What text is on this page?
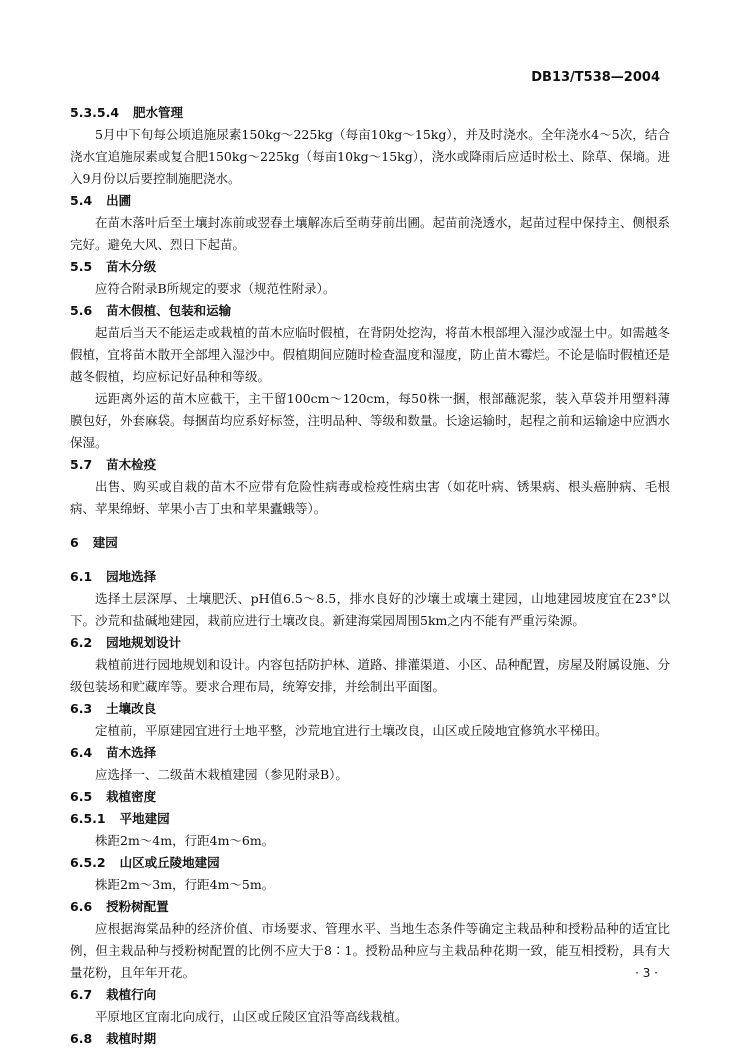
DB13/T538—2004
5.3.5.4 肥水管理

5月中下旬每公顷追施尿素150kg～225kg（每亩10kg～15kg），并及时浇水。全年浇水4～5次，结合浇水宜追施尿素或复合肥150kg～225kg（每亩10kg～15kg），浇水或降雨后应适时松土、除草、保墒。进入9月份以后要控制施肥浇水。

5.4 出圃

在苗木落叶后至土壤封冻前或翌春土壤解冻后至萌芽前出圃。起苗前浇透水，起苗过程中保持主、侧根系完好。避免大风、烈日下起苗。

5.5 苗木分级

应符合附录B所规定的要求（规范性附录）。

5.6 苗木假植、包装和运输

起苗后当天不能运走或栽植的苗木应临时假植，在背阴处挖沟，将苗木根部埋入湿沙或湿土中。如需越冬假植，宜将苗木散开全部埋入湿沙中。假植期间应随时检查温度和湿度，防止苗木霉烂。不论是临时假植还是越冬假植，均应标记好品种和等级。

远距离外运的苗木应截干，主干留100cm～120cm，每50株一捆，根部蘸泥浆，装入草袋并用塑料薄膜包好，外套麻袋。每捆苗均应系好标签，注明品种、等级和数量。长途运输时，起程之前和运输途中应洒水保湿。

5.7 苗木检疫

出售、购买或自栽的苗木不应带有危险性病毒或检疫性病虫害（如花叶病、锈果病、根头癌肿病、毛根病、苹果绵蚜、苹果小吉丁虫和苹果蠹蛾等）。

6 建园
6.1 园地选择

选择土层深厚、土壤肥沃、pH值6.5～8.5，排水良好的沙壤土或壤土建园，山地建园坡度宜在23°以下。沙荒和盐碱地建园，栽前应进行土壤改良。新建海棠园周围5km之内不能有严重污染源。

6.2 园地规划设计

栽植前进行园地规划和设计。内容包括防护林、道路、排灌渠道、小区、品种配置，房屋及附属设施、分级包装场和贮藏库等。要求合理布局，统筹安排，并绘制出平面图。

6.3 土壤改良

定植前，平原建园宜进行土地平整，沙荒地宜进行土壤改良，山区或丘陵地宜修筑水平梯田。

6.4 苗木选择

应选择一、二级苗木栽植建园（参见附录B）。

6.5 栽植密度
6.5.1 平地建园

株距2m～4m，行距4m～6m。

6.5.2 山区或丘陵地建园

株距2m～3m，行距4m～5m。

6.6 授粉树配置

应根据海棠品种的经济价值、市场要求、管理水平、当地生态条件等确定主栽品种和授粉品种的适宜比例，但主栽品种与授粉树配置的比例不应大于8∶1。授粉品种应与主栽品种花期一致，能互相授粉，具有大量花粉，且年年开花。

6.7 栽植行向

平原地区宜南北向成行，山区或丘陵区宜沿等高线栽植。

6.8 栽植时期
· 3 ·
